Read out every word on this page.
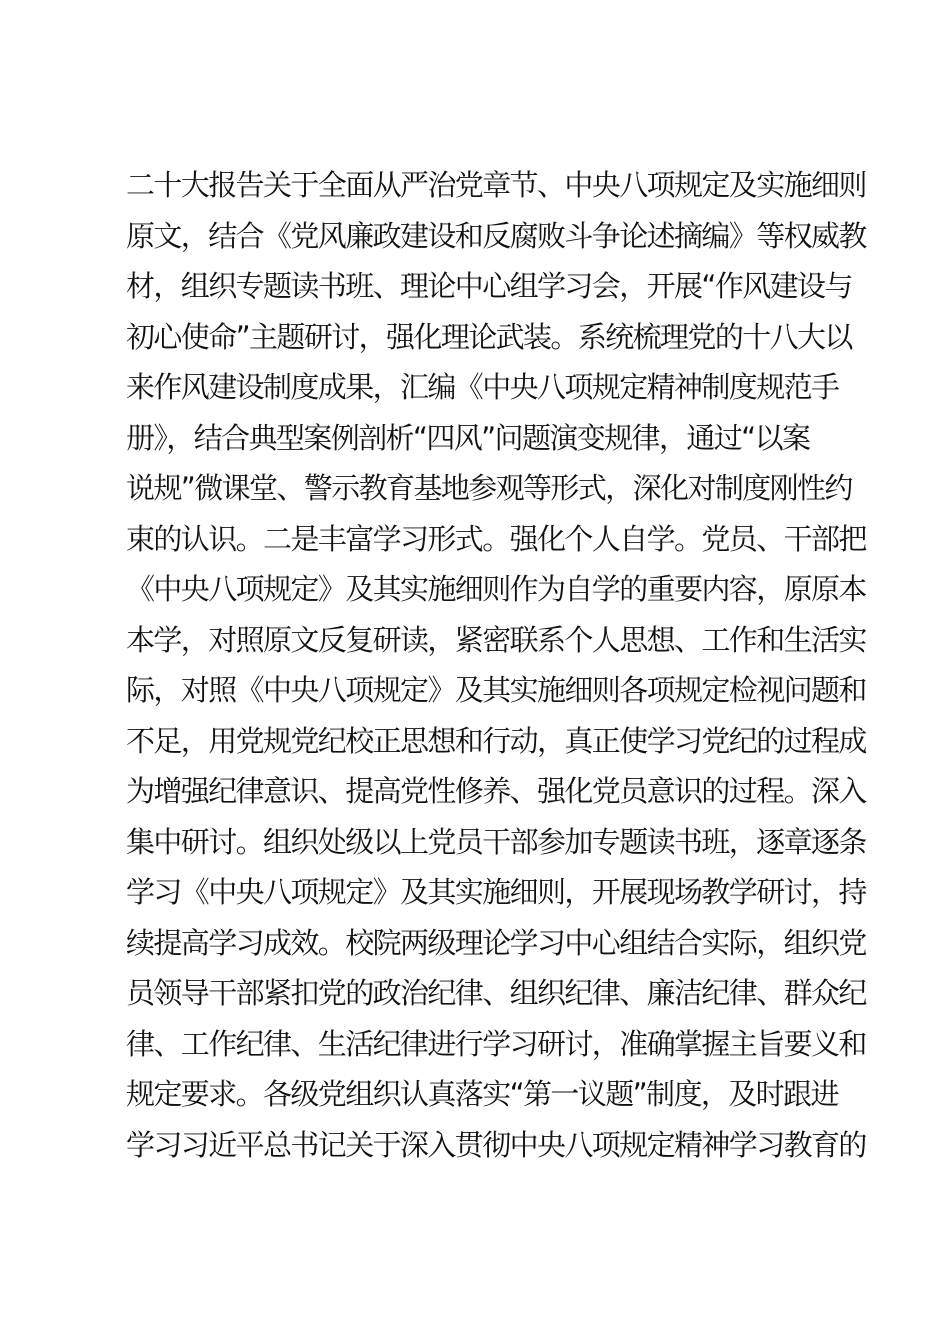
二十大报告关于全面从严治党章节、中央八项规定及实施细则
原文，结合《党风廉政建设和反腐败斗争论述摘编》等权威教
材，组织专题读书班、理论中心组学习会，开展“作风建设与
初心使命”主题研讨，强化理论武装。系统梳理党的十八大以
来作风建设制度成果，汇编《中央八项规定精神制度规范手
册》，结合典型案例剖析“四风”问题演变规律，通过“以案
说规”微课堂、警示教育基地参观等形式，深化对制度刚性约
束的认识。二是丰富学习形式。强化个人自学。党员、干部把
《中央八项规定》及其实施细则作为自学的重要内容，原原本
本学，对照原文反复研读，紧密联系个人思想、工作和生活实
际，对照《中央八项规定》及其实施细则各项规定检视问题和
不足，用党规党纪校正思想和行动，真正使学习党纪的过程成
为增强纪律意识、提高党性修养、强化党员意识的过程。深入
集中研讨。组织处级以上党员干部参加专题读书班，逐章逐条
学习《中央八项规定》及其实施细则，开展现场教学研讨，持
续提高学习成效。校院两级理论学习中心组结合实际，组织党
员领导干部紧扣党的政治纪律、组织纪律、廉洁纪律、群众纪
律、工作纪律、生活纪律进行学习研讨，准确掌握主旨要义和
规定要求。各级党组织认真落实“第一议题”制度，及时跟进
学习习近平总书记关于深入贯彻中央八项规定精神学习教育的
